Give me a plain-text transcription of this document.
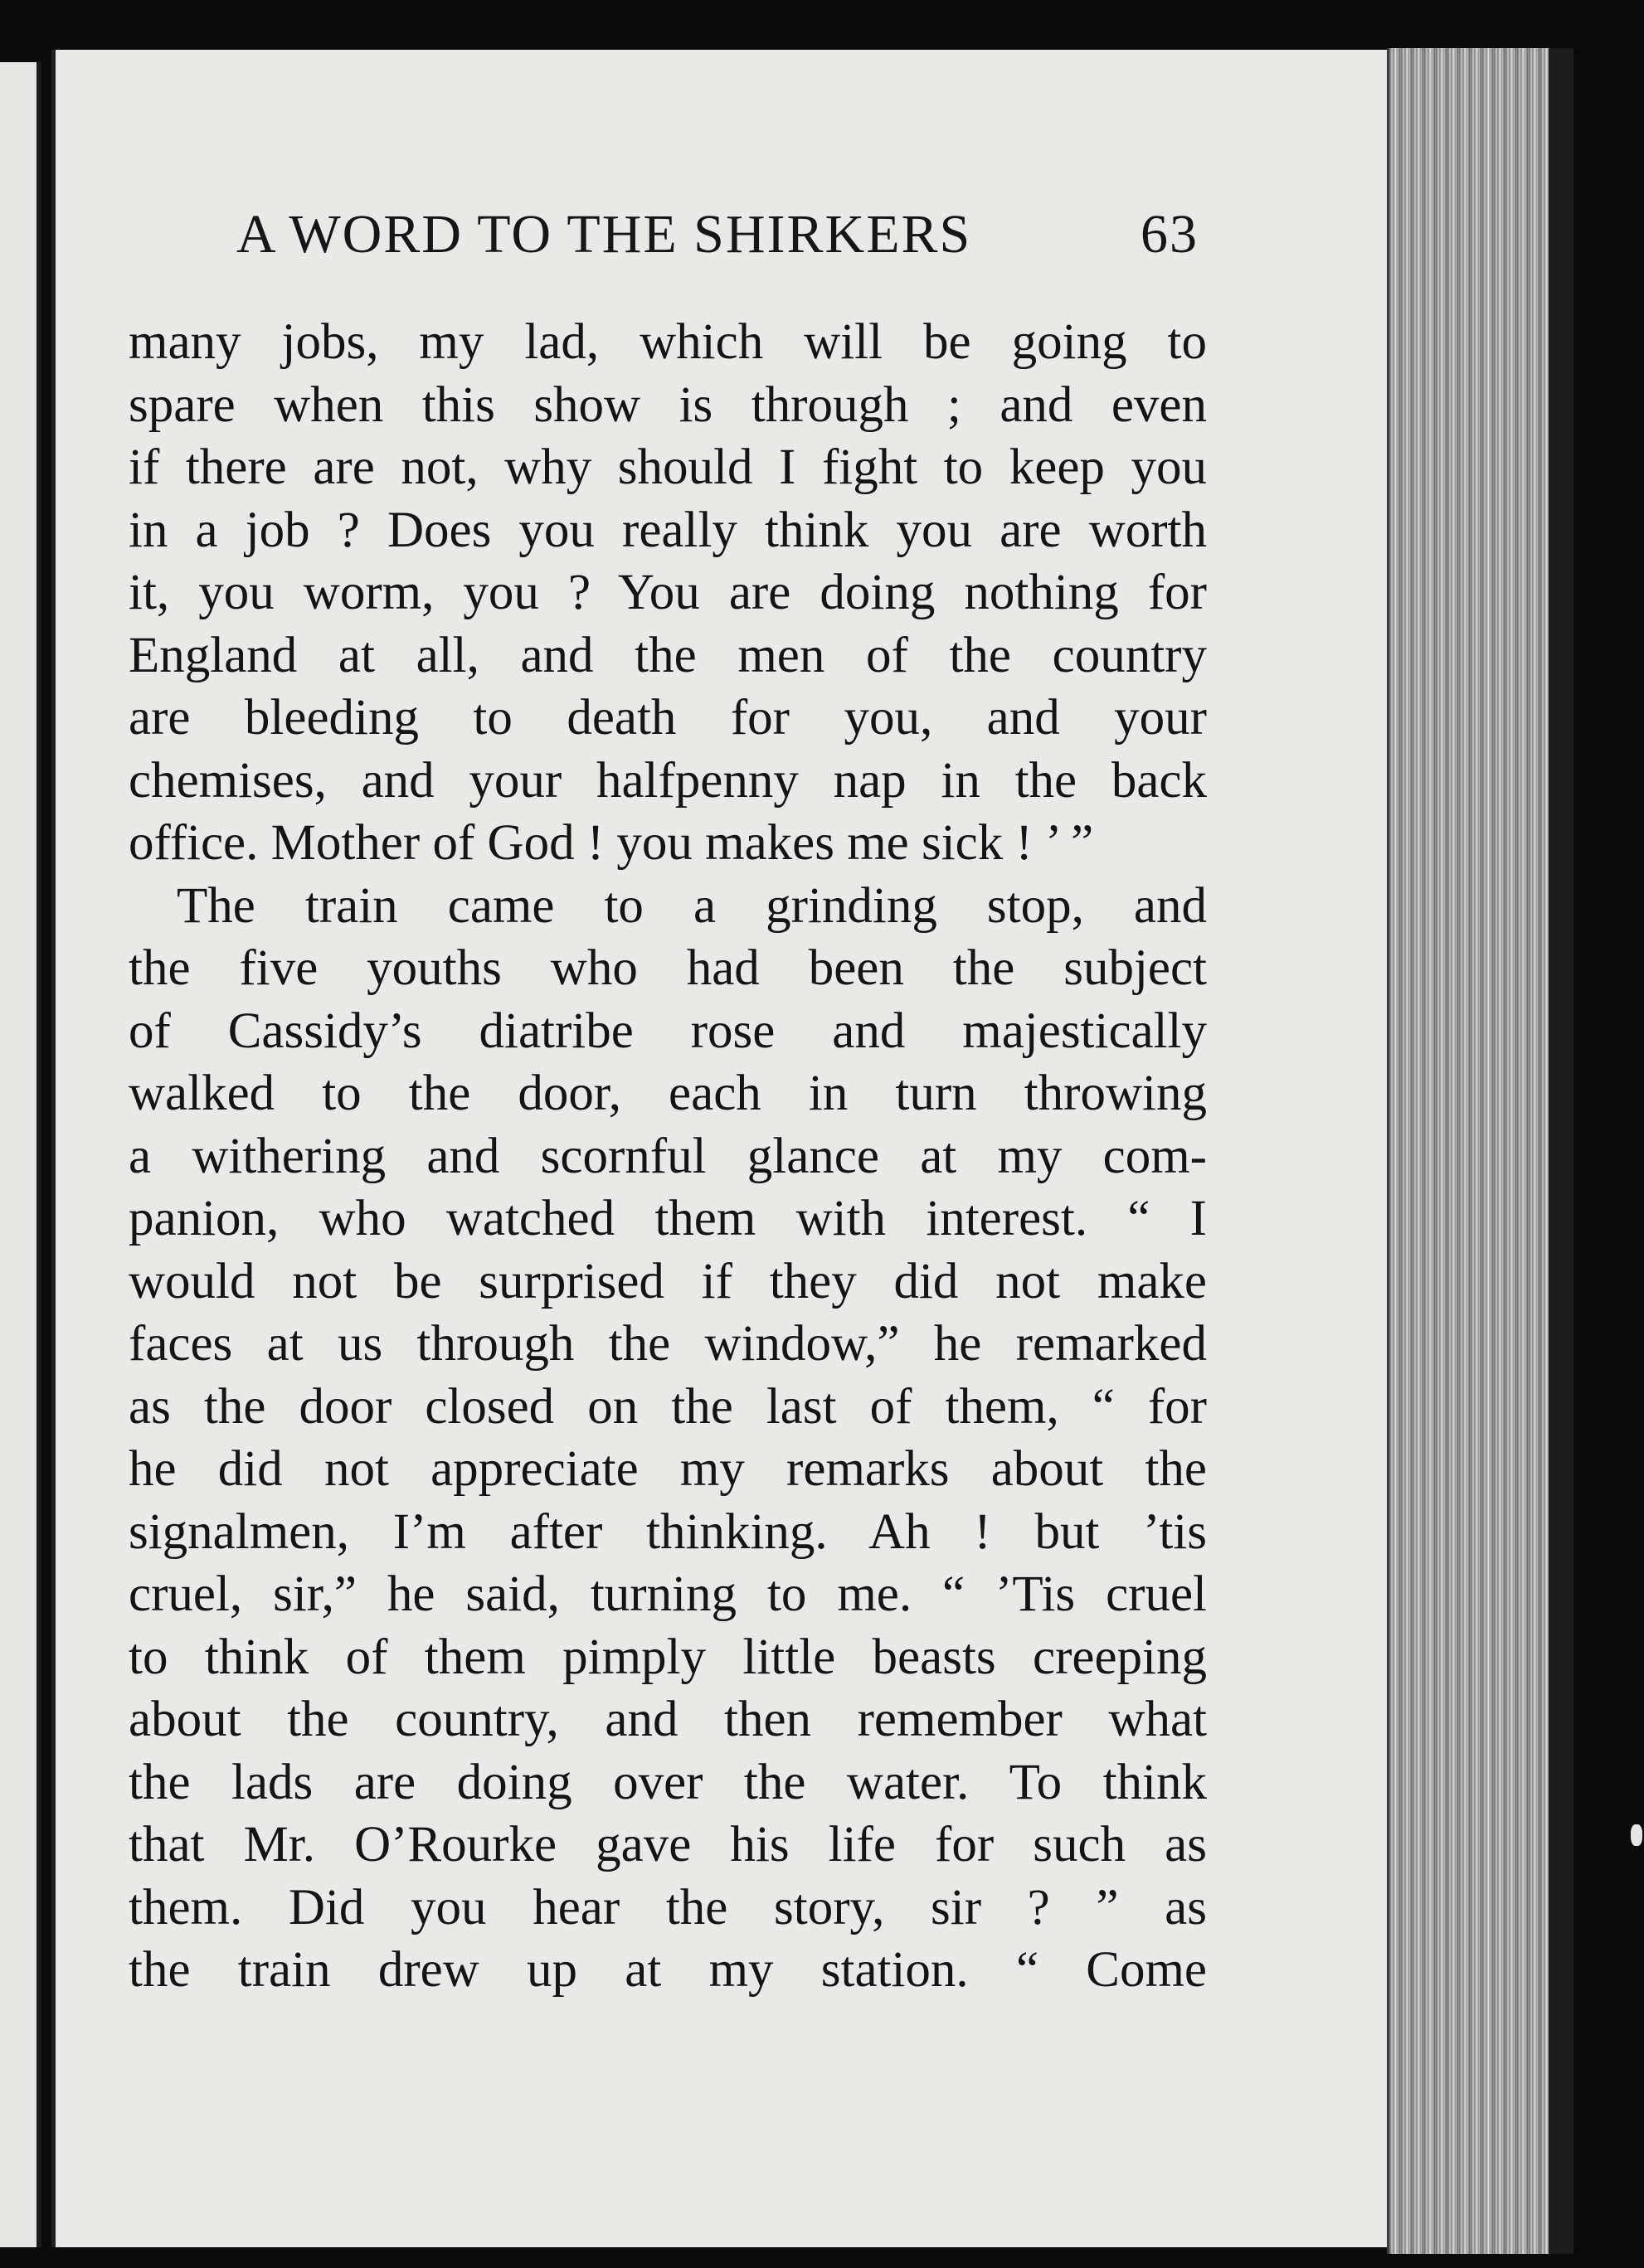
A WORD TO THE SHIRKERS	63
many jobs, my lad, which will be going to
spare when this show is through ; and even
if there are not, why should I fight to keep you
in a job ? Does you really think you are worth
it, you worm, you ? You are doing nothing for
England at all, and the men of the country
are bleeding to death for you, and your
chemises, and your halfpenny nap in the back
office. Mother of God ! you makes me sick ! ’ ”
The train came to a grinding stop, and
the five youths who had been the subject
of Cassidy’s diatribe rose and majestically
walked to the door, each in turn throwing
a withering and scornful glance at my com-
panion, who watched them with interest. “ I
would not be surprised if they did not make
faces at us through the window,” he remarked
as the door closed on the last of them, “ for
he did not appreciate my remarks about the
signalmen, I’m after thinking. Ah ! but ’tis
cruel, sir,” he said, turning to me. “ ’Tis cruel
to think of them pimply little beasts creeping
about the country, and then remember what
the lads are doing over the water. To think
that Mr. O’Rourke gave his life for such as
them. Did you hear the story, sir ? ” as
the train drew up at my station. “ Come
